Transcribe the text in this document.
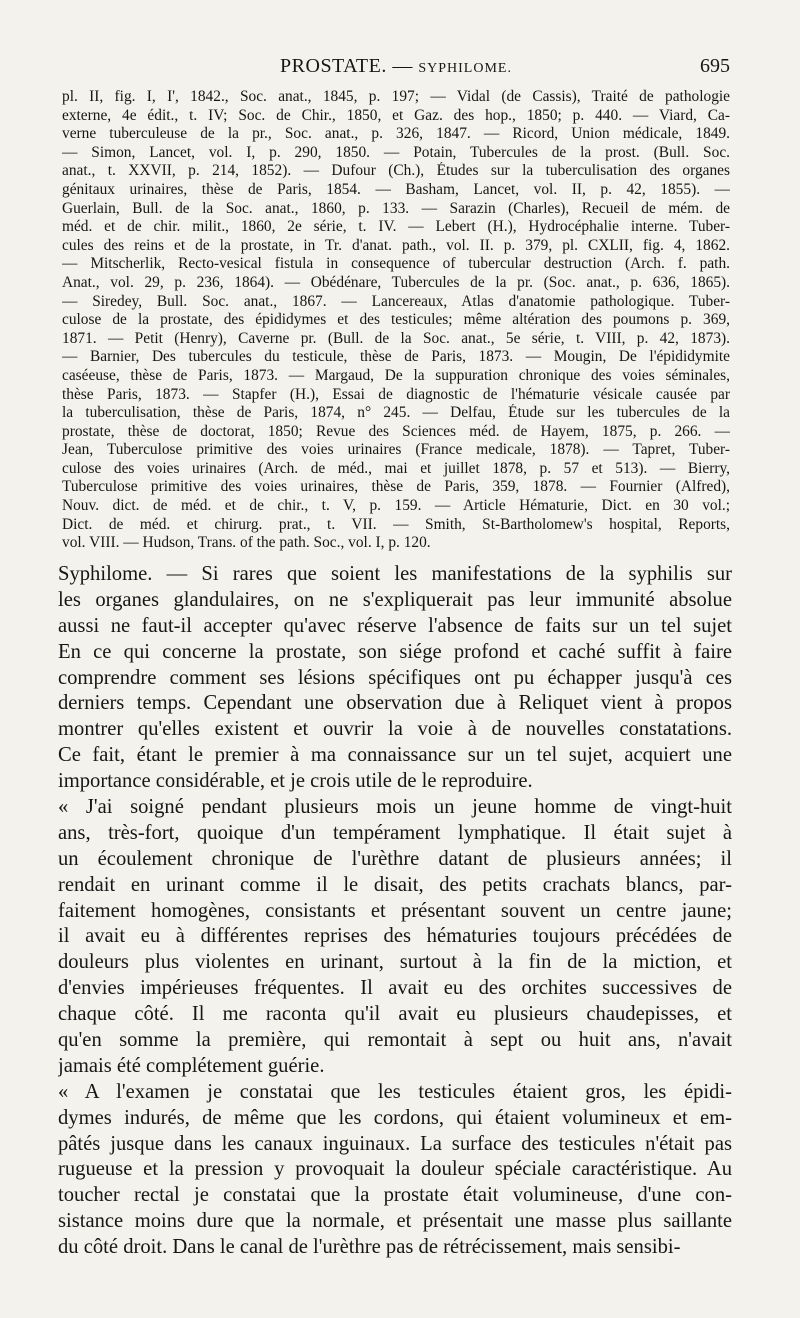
PROSTATE. — SYPHILOME.	695
pl. II, fig. I, I', 1842., Soc. anat., 1845, p. 197; — Vidal (de Cassis), Traité de pathologie
externe, 4e édit., t. IV; Soc. de Chir., 1850, et Gaz. des hop., 1850; p. 440. — Viard, Ca-
verne tuberculeuse de la pr., Soc. anat., p. 326, 1847. — Ricord, Union médicale, 1849.
— Simon, Lancet, vol. I, p. 290, 1850. — Potain, Tubercules de la prost. (Bull. Soc.
anat., t. XXVII, p. 214, 1852). — Dufour (Ch.), Études sur la tuberculisation des organes
génitaux urinaires, thèse de Paris, 1854. — Basham, Lancet, vol. II, p. 42, 1855). —
Guerlain, Bull. de la Soc. anat., 1860, p. 133. — Sarazin (Charles), Recueil de mém. de
méd. et de chir. milit., 1860, 2e série, t. IV. — Lebert (H.), Hydrocéphalie interne. Tuber-
cules des reins et de la prostate, in Tr. d'anat. path., vol. II. p. 379, pl. CXLII, fig. 4, 1862.
— Mitscherlik, Recto-vesical fistula in consequence of tubercular destruction (Arch. f. path.
Anat., vol. 29, p. 236, 1864). — Obédénare, Tubercules de la pr. (Soc. anat., p. 636, 1865).
— Siredey, Bull. Soc. anat., 1867. — Lancereaux, Atlas d'anatomie pathologique. Tuber-
culose de la prostate, des épididymes et des testicules; même altération des poumons p. 369,
1871. — Petit (Henry), Caverne pr. (Bull. de la Soc. anat., 5e série, t. VIII, p. 42, 1873).
— Barnier, Des tubercules du testicule, thèse de Paris, 1873. — Mougin, De l'épididymite
caséeuse, thèse de Paris, 1873. — Margaud, De la suppuration chronique des voies séminales,
thèse Paris, 1873. — Stapfer (H.), Essai de diagnostic de l'hématurie vésicale causée par
la tuberculisation, thèse de Paris, 1874, n° 245. — Delfau, Étude sur les tubercules de la
prostate, thèse de doctorat, 1850; Revue des Sciences méd. de Hayem, 1875, p. 266. —
Jean, Tuberculose primitive des voies urinaires (France medicale, 1878). — Tapret, Tuber-
culose des voies urinaires (Arch. de méd., mai et juillet 1878, p. 57 et 513). — Bierry,
Tuberculose primitive des voies urinaires, thèse de Paris, 359, 1878. — Fournier (Alfred),
Nouv. dict. de méd. et de chir., t. V, p. 159. — Article Hématurie, Dict. en 30 vol.;
Dict. de méd. et chirurg. prat., t. VII. — Smith, St-Bartholomew's hospital, Reports,
vol. VIII. — Hudson, Trans. of the path. Soc., vol. I, p. 120.
Syphilome. — Si rares que soient les manifestations de la syphilis sur
les organes glandulaires, on ne s'expliquerait pas leur immunité absolue
aussi ne faut-il accepter qu'avec réserve l'absence de faits sur un tel sujet
En ce qui concerne la prostate, son siége profond et caché suffit à faire
comprendre comment ses lésions spécifiques ont pu échapper jusqu'à ces
derniers temps. Cependant une observation due à Reliquet vient à propos
montrer qu'elles existent et ouvrir la voie à de nouvelles constatations.
Ce fait, étant le premier à ma connaissance sur un tel sujet, acquiert une
importance considérable, et je crois utile de le reproduire.
« J'ai soigné pendant plusieurs mois un jeune homme de vingt-huit
ans, très-fort, quoique d'un tempérament lymphatique. Il était sujet à
un écoulement chronique de l'urèthre datant de plusieurs années; il
rendait en urinant comme il le disait, des petits crachats blancs, par-
faitement homogènes, consistants et présentant souvent un centre jaune;
il avait eu à différentes reprises des hématuries toujours précédées de
douleurs plus violentes en urinant, surtout à la fin de la miction, et
d'envies impérieuses fréquentes. Il avait eu des orchites successives de
chaque côté. Il me raconta qu'il avait eu plusieurs chaudepisses, et
qu'en somme la première, qui remontait à sept ou huit ans, n'avait
jamais été complétement guérie.
« A l'examen je constatai que les testicules étaient gros, les épidi-
dymes indurés, de même que les cordons, qui étaient volumineux et em-
pâtés jusque dans les canaux inguinaux. La surface des testicules n'était pas
rugueuse et la pression y provoquait la douleur spéciale caractéristique. Au
toucher rectal je constatai que la prostate était volumineuse, d'une con-
sistance moins dure que la normale, et présentait une masse plus saillante
du côté droit. Dans le canal de l'urèthre pas de rétrécissement, mais sensibi-
